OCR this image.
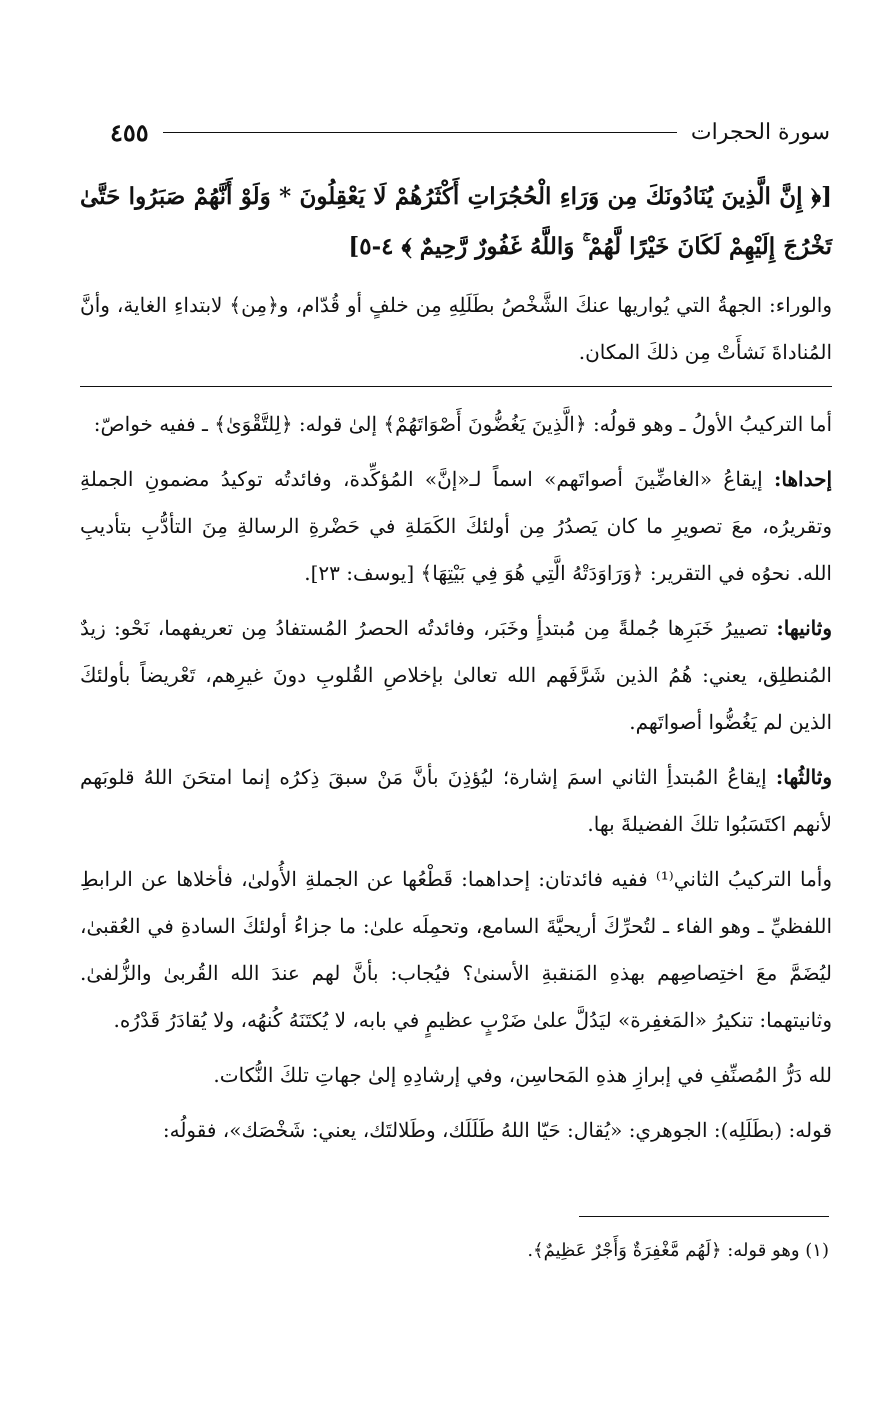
سورة الحجرات
٤٥٥

[﴿ إِنَّ الَّذِينَ يُنَادُونَكَ مِن وَرَاءِ الْحُجُرَاتِ أَكْثَرُهُمْ لَا يَعْقِلُونَ * وَلَوْ أَنَّهُمْ صَبَرُوا حَتَّىٰ تَخْرُجَ إِلَيْهِمْ لَكَانَ خَيْرًا لَّهُمْ ۚ وَاللَّهُ غَفُورٌ رَّحِيمٌ ﴾ ٤-٥]

والوراء: الجهةُ التي يُواريها عنكَ الشَّخْصُ بطَلَلِهِ مِن خلفٍ أو قُدّام، و﴿مِن﴾ لابتداءِ الغاية، وأنَّ المُناداةَ نَشأَتْ مِن ذلكَ المكان.

أما التركيبُ الأولُ ـ وهو قولُه: ﴿الَّذِينَ يَغُضُّونَ أَصْوَاتَهُمْ﴾ إلىٰ قوله: ﴿لِلتَّقْوَىٰ﴾ ـ ففيه خواصّ:

إحداها: إيقاعُ «الغاضِّينَ أصواتَهم» اسماً لـ«إنَّ» المُؤكِّدة، وفائدتُه توكيدُ مضمونِ الجملةِ وتقريرُه، معَ تصويرِ ما كان يَصدُرُ مِن أولئكَ الكَمَلةِ في حَضْرةِ الرسالةِ مِنَ التأدُّبِ بتأديبِ الله. نحوُه في التقرير: ﴿وَرَاوَدَتْهُ الَّتِي هُوَ فِي بَيْتِهَا﴾ [يوسف: ٢٣].

وثانيها: تصييرُ خَبَرِها جُملةً مِن مُبتدأٍ وخَبَر، وفائدتُه الحصرُ المُستفادُ مِن تعريفهما، نَحْو: زيدٌ المُنطلِق، يعني: هُمُ الذين شَرَّفَهم الله تعالىٰ بإخلاصِ القُلوبِ دونَ غيرِهم، تَعْريضاً بأولئكَ الذين لم يَغُضُّوا أصواتَهم.

وثالثُها: إيقاعُ المُبتدأِ الثاني اسمَ إشارة؛ ليُؤذِنَ بأنَّ مَنْ سبقَ ذِكرُه إنما امتحَنَ اللهُ قلوبَهم لأنهم اكتَسَبُوا تلكَ الفضيلةَ بها.

وأما التركيبُ الثاني⁽¹⁾ ففيه فائدتان: إحداهما: قَطْعُها عن الجملةِ الأُولىٰ، فأخلاها عن الرابطِ اللفظيِّ ـ وهو الفاء ـ لتُحرِّكَ أريحيَّةَ السامع، وتحمِلَه علىٰ: ما جزاءُ أولئكَ السادةِ في العُقبىٰ، ليُضَمَّ معَ اختِصاصِهم بهذهِ المَنقبةِ الأسنىٰ؟ فيُجاب: بأنَّ لهم عندَ الله القُربىٰ والزُّلفىٰ. وثانيتهما: تنكيرُ «المَغفِرة» ليَدُلَّ علىٰ ضَرْبٍ عظيمٍ في بابه، لا يُكتَنَهُ كُنهُه، ولا يُقادَرُ قَدْرُه.

لله دَرُّ المُصنِّفِ في إبرازِ هذهِ المَحاسِن، وفي إرشادِهِ إلىٰ جهاتِ تلكَ النُّكات.

قوله: (بطَلَلِه): الجوهري: «يُقال: حَيّا اللهُ طَلَلَك، وطَلالتَك، يعني: شَخْصَك»، فقولُه:

(١) وهو قوله: ﴿لَهُم مَّغْفِرَةٌ وَأَجْرٌ عَظِيمٌ﴾.
